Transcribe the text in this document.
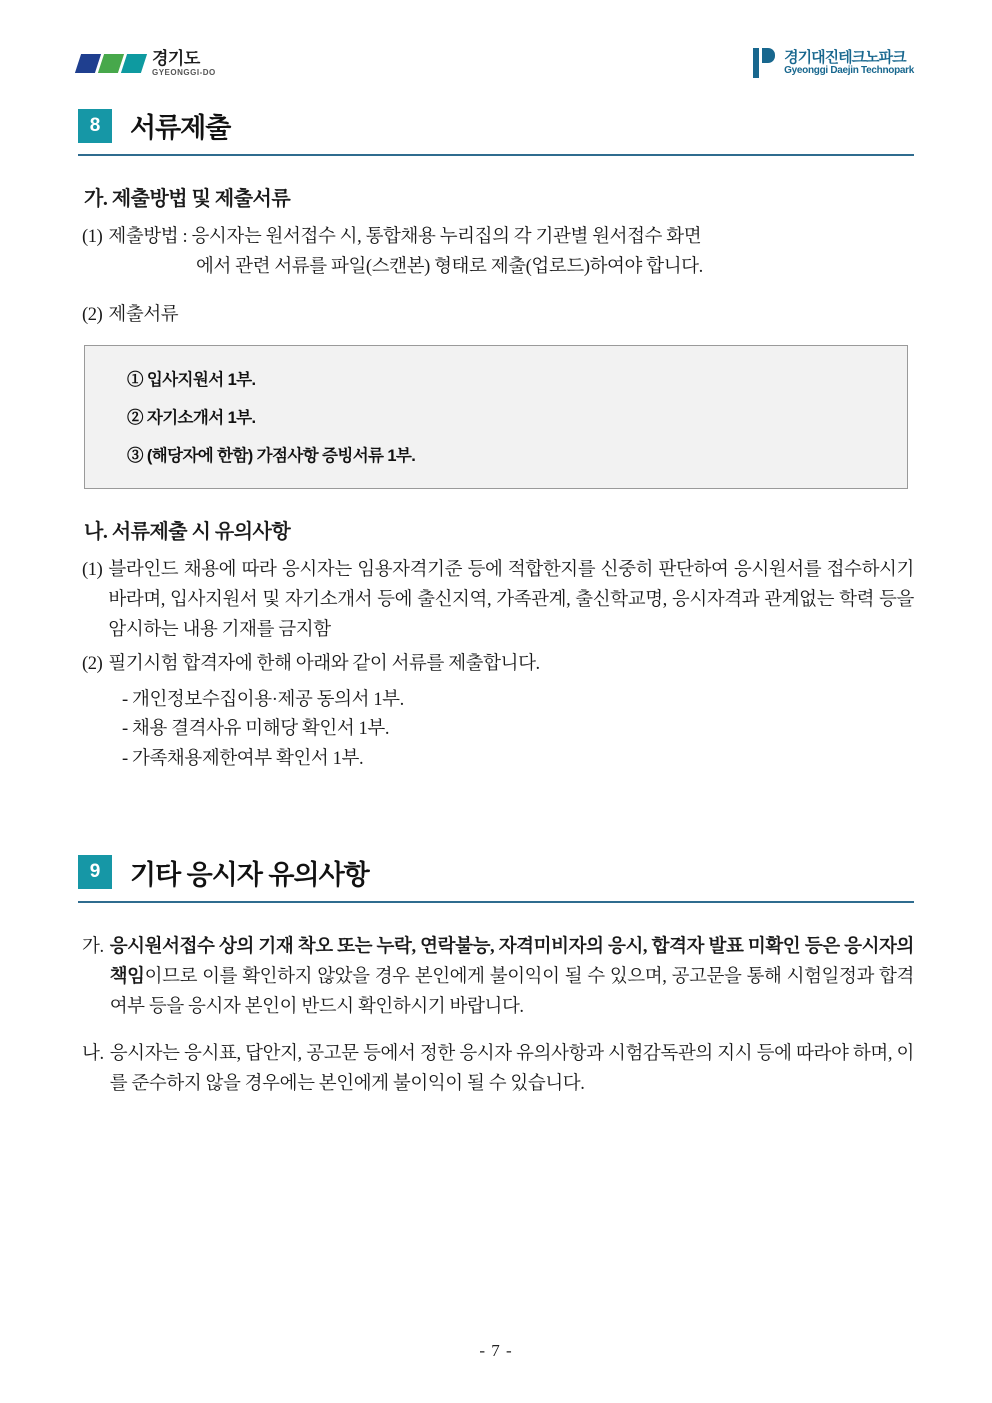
경기도
GYEONGGI-DO
경기대진테크노파크
Gyeonggi Daejin Technopark
8	서류제출
가. 제출방법 및 제출서류
(1) 제출방법 : 응시자는 원서접수 시, 통합채용 누리집의 각 기관별 원서접수 화면
에서 관련 서류를 파일(스캔본) 형태로 제출(업로드)하여야 합니다.
(2) 제출서류
① 입사지원서 1부.
② 자기소개서 1부.
③ (해당자에 한함) 가점사항 증빙서류 1부.
나. 서류제출 시 유의사항
(1) 블라인드 채용에 따라 응시자는 임용자격기준 등에 적합한지를 신중히 판단하여 응시원서를 접수하시기 바라며, 입사지원서 및 자기소개서 등에 출신지역, 가족관계, 출신학교명, 응시자격과 관계없는 학력 등을 암시하는 내용 기재를 금지함
(2) 필기시험 합격자에 한해 아래와 같이 서류를 제출합니다.
- 개인정보수집이용·제공 동의서 1부.
- 채용 결격사유 미해당 확인서 1부.
- 가족채용제한여부 확인서 1부.
9	기타 응시자 유의사항
가. 응시원서접수 상의 기재 착오 또는 누락, 연락불능, 자격미비자의 응시, 합격자 발표 미확인 등은 응시자의 책임이므로 이를 확인하지 않았을 경우 본인에게 불이익이 될 수 있으며, 공고문을 통해 시험일정과 합격여부 등을 응시자 본인이 반드시 확인하시기 바랍니다.
나. 응시자는 응시표, 답안지, 공고문 등에서 정한 응시자 유의사항과 시험감독관의 지시 등에 따라야 하며, 이를 준수하지 않을 경우에는 본인에게 불이익이 될 수 있습니다.
- 7 -
